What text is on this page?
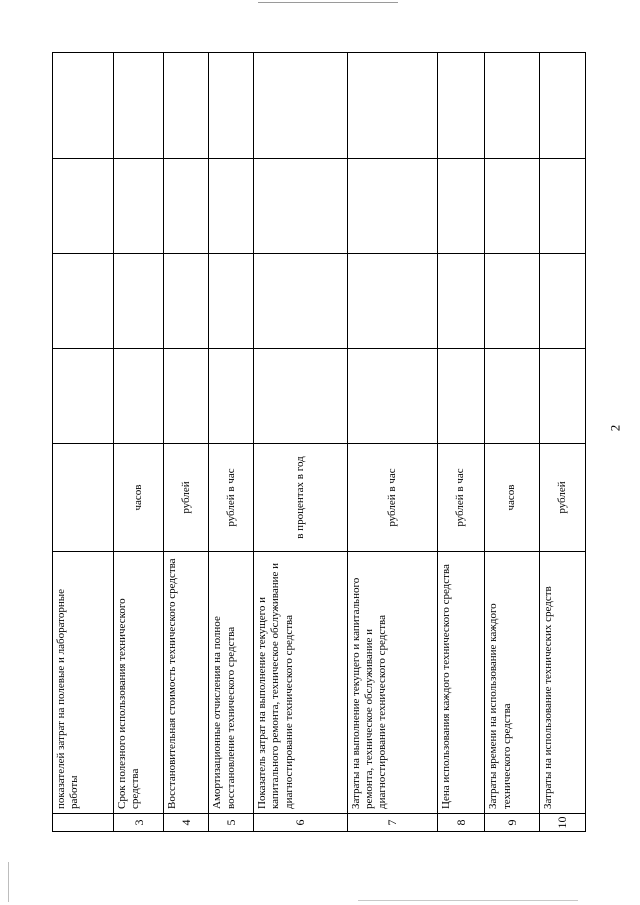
2
	показателей затрат на полевые и лабораторные работы					
3	Срок полезного использования технического средства	часов				
4	Восстановительная стоимость технического средства	рублей				
5	Амортизационные отчисления на полное восстановление технического средства	рублей в час				
6	Показатель затрат на выполнение текущего и капитального ремонта, техническое обслуживание и диагностирование технического средства	в процентах в год				
7	Затраты на выполнение текущего и капитального ремонта, техническое обслуживание и диагностирование технического средства	рублей в час				
8	Цена использования каждого технического средства	рублей в час				
9	Затраты времени на использование каждого технического средства	часов				
10	Затраты на использование технических средств	рублей				
